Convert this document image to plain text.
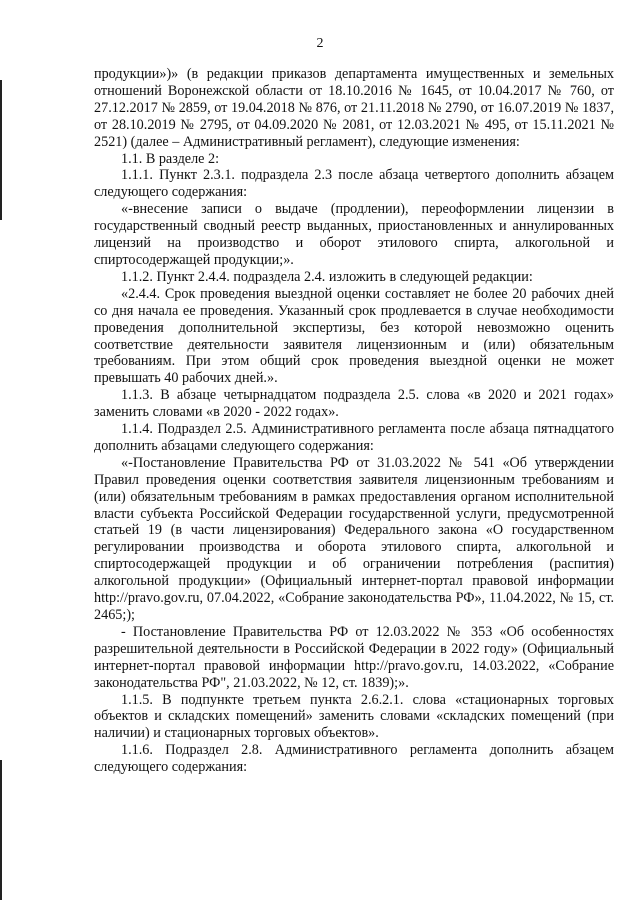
2

продукции»)» (в редакции приказов департамента имущественных и земельных отношений Воронежской области от 18.10.2016 № 1645, от 10.04.2017 № 760, от 27.12.2017 № 2859, от 19.04.2018 № 876, от 21.11.2018 № 2790, от 16.07.2019 № 1837, от 28.10.2019 № 2795, от 04.09.2020 № 2081, от 12.03.2021 № 495, от 15.11.2021 № 2521) (далее – Административный регламент), следующие изменения:

1.1. В разделе 2:

1.1.1. Пункт 2.3.1. подраздела 2.3 после абзаца четвертого дополнить абзацем следующего содержания:

«-внесение записи о выдаче (продлении), переоформлении лицензии в государственный сводный реестр выданных, приостановленных и аннулированных лицензий на производство и оборот этилового спирта, алкогольной и спиртосодержащей продукции;».

1.1.2. Пункт 2.4.4. подраздела 2.4. изложить в следующей редакции:

«2.4.4. Срок проведения выездной оценки составляет не более 20 рабочих дней со дня начала ее проведения. Указанный срок продлевается в случае необходимости проведения дополнительной экспертизы, без которой невозможно оценить соответствие деятельности заявителя лицензионным и (или) обязательным требованиям. При этом общий срок проведения выездной оценки не может превышать 40 рабочих дней.».

1.1.3. В абзаце четырнадцатом подраздела 2.5. слова «в 2020 и 2021 годах» заменить словами «в 2020 - 2022 годах».

1.1.4. Подраздел 2.5. Административного регламента после абзаца пятнадцатого дополнить абзацами следующего содержания:

«-Постановление Правительства РФ от 31.03.2022 № 541 «Об утверждении Правил проведения оценки соответствия заявителя лицензионным требованиям и (или) обязательным требованиям в рамках предоставления органом исполнительной власти субъекта Российской Федерации государственной услуги, предусмотренной статьей 19 (в части лицензирования) Федерального закона «О государственном регулировании производства и оборота этилового спирта, алкогольной и спиртосодержащей продукции и об ограничении потребления (распития) алкогольной продукции» (Официальный интернет-портал правовой информации http://pravo.gov.ru, 07.04.2022, «Собрание законодательства РФ», 11.04.2022, № 15, ст. 2465;);

- Постановление Правительства РФ от 12.03.2022 № 353 «Об особенностях разрешительной деятельности в Российской Федерации в 2022 году» (Официальный интернет-портал правовой информации http://pravo.gov.ru, 14.03.2022, «Собрание законодательства РФ", 21.03.2022, № 12, ст. 1839);».

1.1.5. В подпункте третьем пункта 2.6.2.1. слова «стационарных торговых объектов и складских помещений» заменить словами «складских помещений (при наличии) и стационарных торговых объектов».

1.1.6. Подраздел 2.8. Административного регламента дополнить абзацем следующего содержания:
